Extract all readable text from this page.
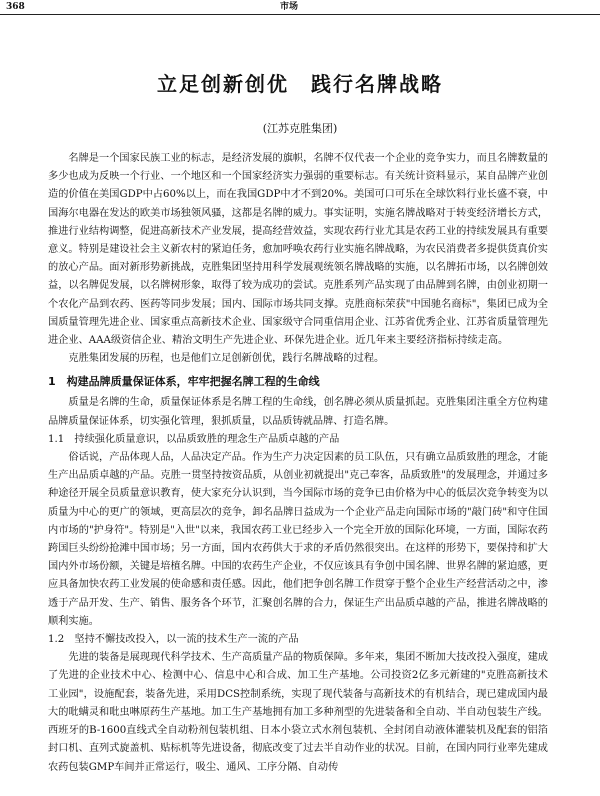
368	市场
立足创新创优　践行名牌战略
(江苏克胜集团)

名牌是一个国家民族工业的标志，是经济发展的旗帜，名牌不仅代表一个企业的竞争实力，而且名牌数量的多少也成为反映一个行业、一个地区和一个国家经济实力强弱的重要标志。有关统计资料显示，某自品牌产业创造的价值在美国GDP中占60%以上，而在我国GDP中才不到20%。美国可口可乐在全球饮料行业长盛不衰，中国海尔电器在发达的欧美市场独领风骚，这都是名牌的威力。事实证明，实施名牌战略对于转变经济增长方式，推进行业结构调整，促进高新技术产业发展，提高经营效益，实现农药行业尤其是农药工业的持续发展具有重要意义。特别是建设社会主义新农村的紧迫任务，愈加呼唤农药行业实施名牌战略，为农民消费者多提供货真价实的放心产品。面对新形势新挑战，克胜集团坚持用科学发展观统领名牌战略的实施，以名牌拓市场，以名牌创效益，以名牌促发展，以名牌树形象，取得了较为成功的尝试。克胜系列产品实现了由品牌到名牌，由创业初期一个农化产品到农药、医药等同步发展；国内、国际市场共同支撑。克胜商标荣获"中国驰名商标"，集团已成为全国质量管理先进企业、国家重点高新技术企业、国家级守合同重信用企业、江苏省优秀企业、江苏省质量管理先进企业、AAA级资信企业、精治文明生产先进企业、环保先进企业。近几年来主要经济指标持续走高。

克胜集团发展的历程，也是他们立足创新创优，践行名牌战略的过程。

1　构建品牌质量保证体系，牢牢把握名牌工程的生命线

质量是名牌的生命，质量保证体系是名牌工程的生命线，创名牌必须从质量抓起。克胜集团注重全方位构建品牌质量保证体系，切实强化管理，狠抓质量，以品质铸就品牌、打造名牌。

1.1　持续强化质量意识，以品质致胜的理念生产品质卓越的产品

俗话说，产品体现人品，人品决定产品。作为生产力决定因素的员工队伍，只有确立品质致胜的理念，才能生产出品质卓越的产品。克胜一贯坚持按资品质，从创业初就提出"克己奉客，品质致胜"的发展理念，并通过多种途径开展全员质量意识教育，使大家充分认识到，当今国际市场的竞争已由价格为中心的低层次竞争转变为以质量为中心的更广的领域，更高层次的竞争，卸名品牌日益成为一个企业产品走向国际市场的"敲门砖"和守住国内市场的"护身符"。特别是"入世"以来，我国农药工业已经步入一个完全开放的国际化环境，一方面，国际农药跨国巨头纷纷抢滩中国市场；另一方面，国内农药供大于求的矛盾仍然很突出。在这样的形势下，要保持和扩大国内外市场份额，关键是培植名牌。中国的农药生产企业，不仅应该具有争创中国名牌、世界名牌的紧迫感，更应具备加快农药工业发展的使命感和责任感。因此，他们把争创名牌工作贯穿于整个企业生产经营活动之中，渗透于产品开发、生产、销售、服务各个环节，汇聚创名牌的合力，保证生产出品质卓越的产品，推进名牌战略的顺利实施。

1.2　坚持不懈技改投入，以一流的技术生产一流的产品

先进的装备是展现现代科学技术、生产高质量产品的物质保障。多年来，集团不断加大技改投入强度，建成了先进的企业技术中心、检测中心、信息中心和合成、加工生产基地。公司投资2亿多元新建的"克胜高新技术工业园"，设施配套，装备先进，采用DCS控制系统，实现了现代装备与高新技术的有机结合，现已建成国内最大的吡螨灵和吡虫啉原药生产基地。加工生产基地拥有加工多种剂型的先进装备和全自动、半自动包装生产线。西班牙的B-1600直线式全自动粉剂包装机组、日本小袋立式水剂包装机、全封闭自动液体灌装机及配套的铝箔封口机、直列式旋盖机、贴标机等先进设备，彻底改变了过去半自动作业的状况。目前，在国内同行业率先建成农药包装GMP车间并正常运行，吸尘、通风、工序分隔、自动传
